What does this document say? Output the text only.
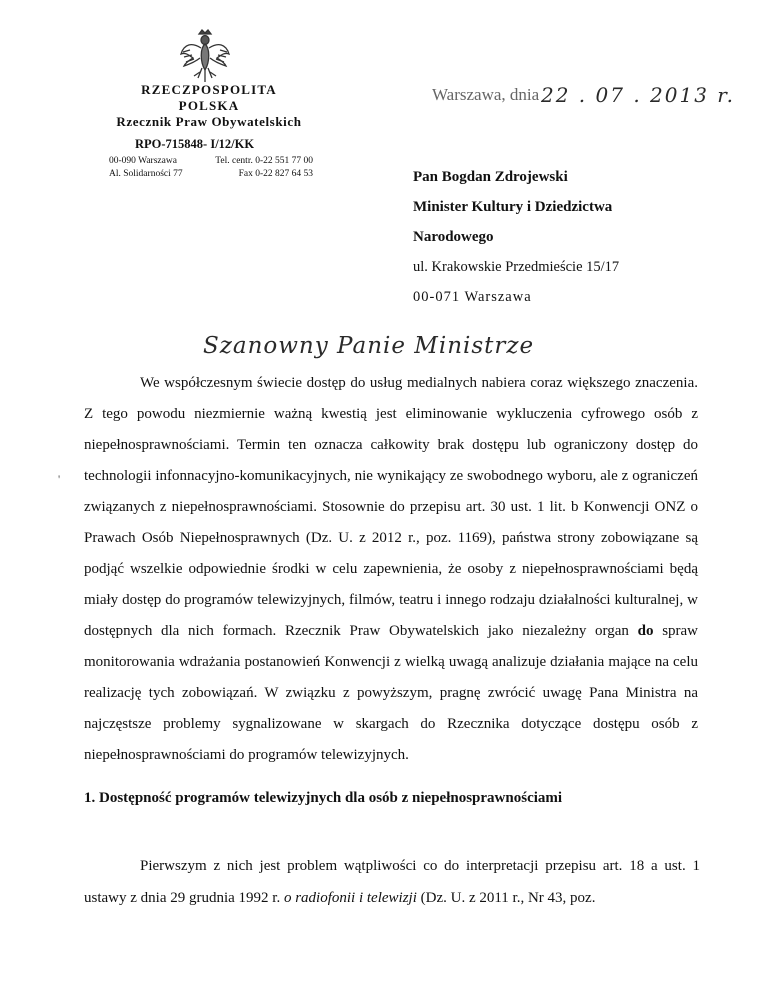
RZECZPOSPOLITA POLSKA
Rzecznik Praw Obywatelskich
Warszawa, dnia 22 . 07 . 2013 r.
RPO-715848- I/12/KK
00-090 Warszawa
Al. Solidarności 77
Tel. centr. 0-22 551 77 00
Fax 0-22 827 64 53	Pan Bogdan Zdrojewski
Minister Kultury i Dziedzictwa
Narodowego
ul. Krakowskie Przedmieście 15/17
00-071 Warszawa
Szanowny Panie Ministrze
'

We współczesnym świecie dostęp do usług medialnych nabiera coraz większego znaczenia. Z tego powodu niezmiernie ważną kwestią jest eliminowanie wykluczenia cyfrowego osób z niepełnosprawnościami. Termin ten oznacza całkowity brak dostępu lub ograniczony dostęp do technologii infonnacyjno-komunikacyjnych, nie wynikający ze swobodnego wyboru, ale z ograniczeń związanych z niepełnosprawnościami. Stosownie do przepisu art. 30 ust. 1 lit. b Konwencji ONZ o Prawach Osób Niepełnosprawnych (Dz. U. z 2012 r., poz. 1169), państwa strony zobowiązane są podjąć wszelkie odpowiednie środki w celu zapewnienia, że osoby z niepełnosprawnościami będą miały dostęp do programów telewizyjnych, filmów, teatru i innego rodzaju działalności kulturalnej, w dostępnych dla nich formach. Rzecznik Praw Obywatelskich jako niezależny organ do spraw monitorowania wdrażania postanowień Konwencji z wielką uwagą analizuje działania mające na celu realizację tych zobowiązań. W związku z powyższym, pragnę zwrócić uwagę Pana Ministra na najczęstsze problemy sygnalizowane w skargach do Rzecznika dotyczące dostępu osób z niepełnosprawnościami do programów telewizyjnych.

1. Dostępność programów telewizyjnych dla osób z niepełnosprawnościami

Pierwszym z nich jest problem wątpliwości co do interpretacji przepisu art. 18 a ust. 1 ustawy z dnia 29 grudnia 1992 r. o radiofonii i telewizji (Dz. U. z 2011 r., Nr 43, poz.
